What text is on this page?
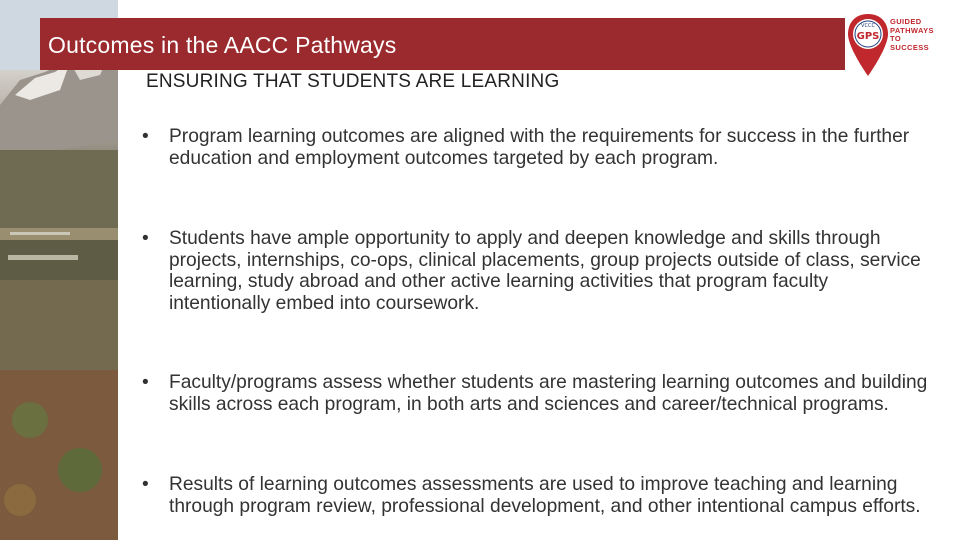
Outcomes in the AACC Pathways
VCCC
GPS
GUIDED
PATHWAYS
TO
SUCCESS
ENSURING THAT STUDENTS ARE LEARNING
•	Program learning outcomes are aligned with the requirements for success in the further education and employment outcomes targeted by each program.
•	Students have ample opportunity to apply and deepen knowledge and skills through projects, internships, co-ops, clinical placements, group projects outside of class, service learning, study abroad and other active learning activities that program faculty intentionally embed into coursework.
•	Faculty/programs assess whether students are mastering learning outcomes and building skills across each program, in both arts and sciences and career/technical programs.
•	Results of learning outcomes assessments are used to improve teaching and learning through program review, professional development, and other intentional campus efforts.
